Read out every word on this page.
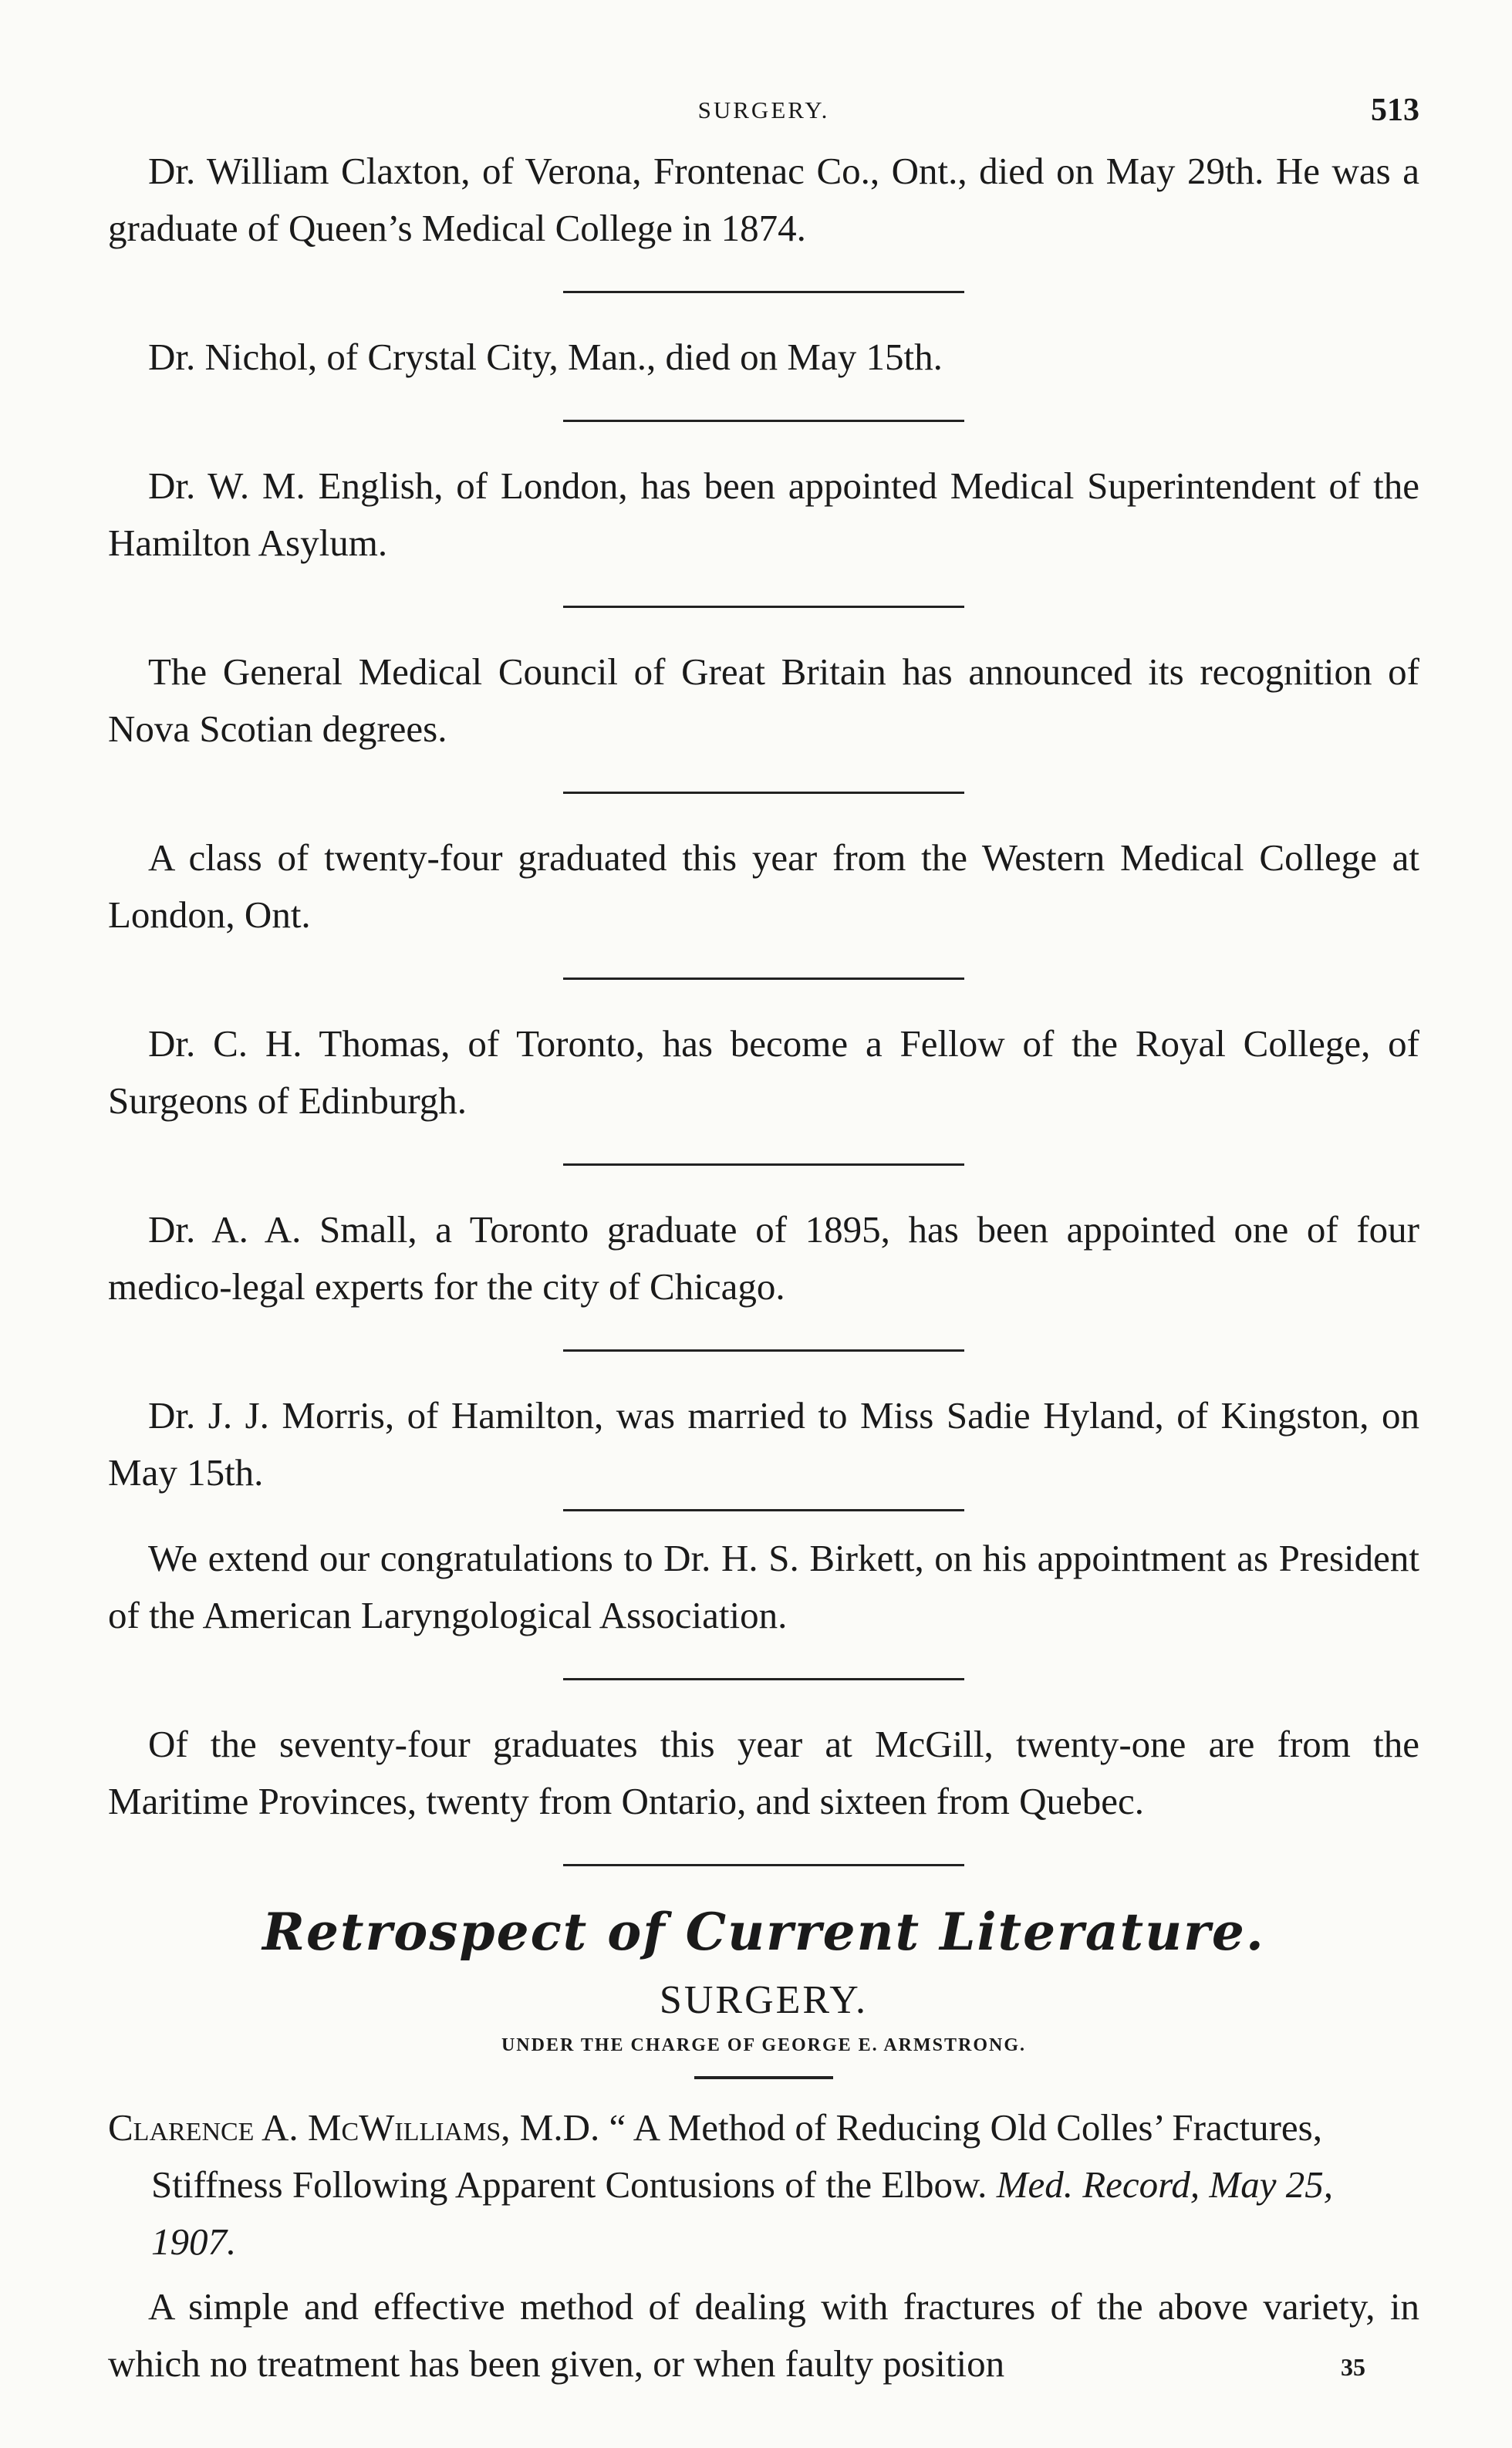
SURGERY.	513

Dr. William Claxton, of Verona, Frontenac Co., Ont., died on May 29th. He was a graduate of Queen’s Medical College in 1874.

Dr. Nichol, of Crystal City, Man., died on May 15th.

Dr. W. M. English, of London, has been appointed Medical Superintendent of the Hamilton Asylum.

The General Medical Council of Great Britain has announced its recognition of Nova Scotian degrees.

A class of twenty-four graduated this year from the Western Medical College at London, Ont.

Dr. C. H. Thomas, of Toronto, has become a Fellow of the Royal College, of Surgeons of Edinburgh.

Dr. A. A. Small, a Toronto graduate of 1895, has been appointed one of four medico-legal experts for the city of Chicago.

Dr. J. J. Morris, of Hamilton, was married to Miss Sadie Hyland, of Kingston, on May 15th.

We extend our congratulations to Dr. H. S. Birkett, on his appointment as President of the American Laryngological Association.

Of the seventy-four graduates this year at McGill, twenty-one are from the Maritime Provinces, twenty from Ontario, and sixteen from Quebec.

Retrospect of Current Literature.

SURGERY.

UNDER THE CHARGE OF GEORGE E. ARMSTRONG.

Clarence A. McWilliams, M.D. “ A Method of Reducing Old Colles’ Fractures, Stiffness Following Apparent Contusions of the Elbow. Med. Record, May 25, 1907.

A simple and effective method of dealing with fractures of the above variety, in which no treatment has been given, or when faulty position	35
